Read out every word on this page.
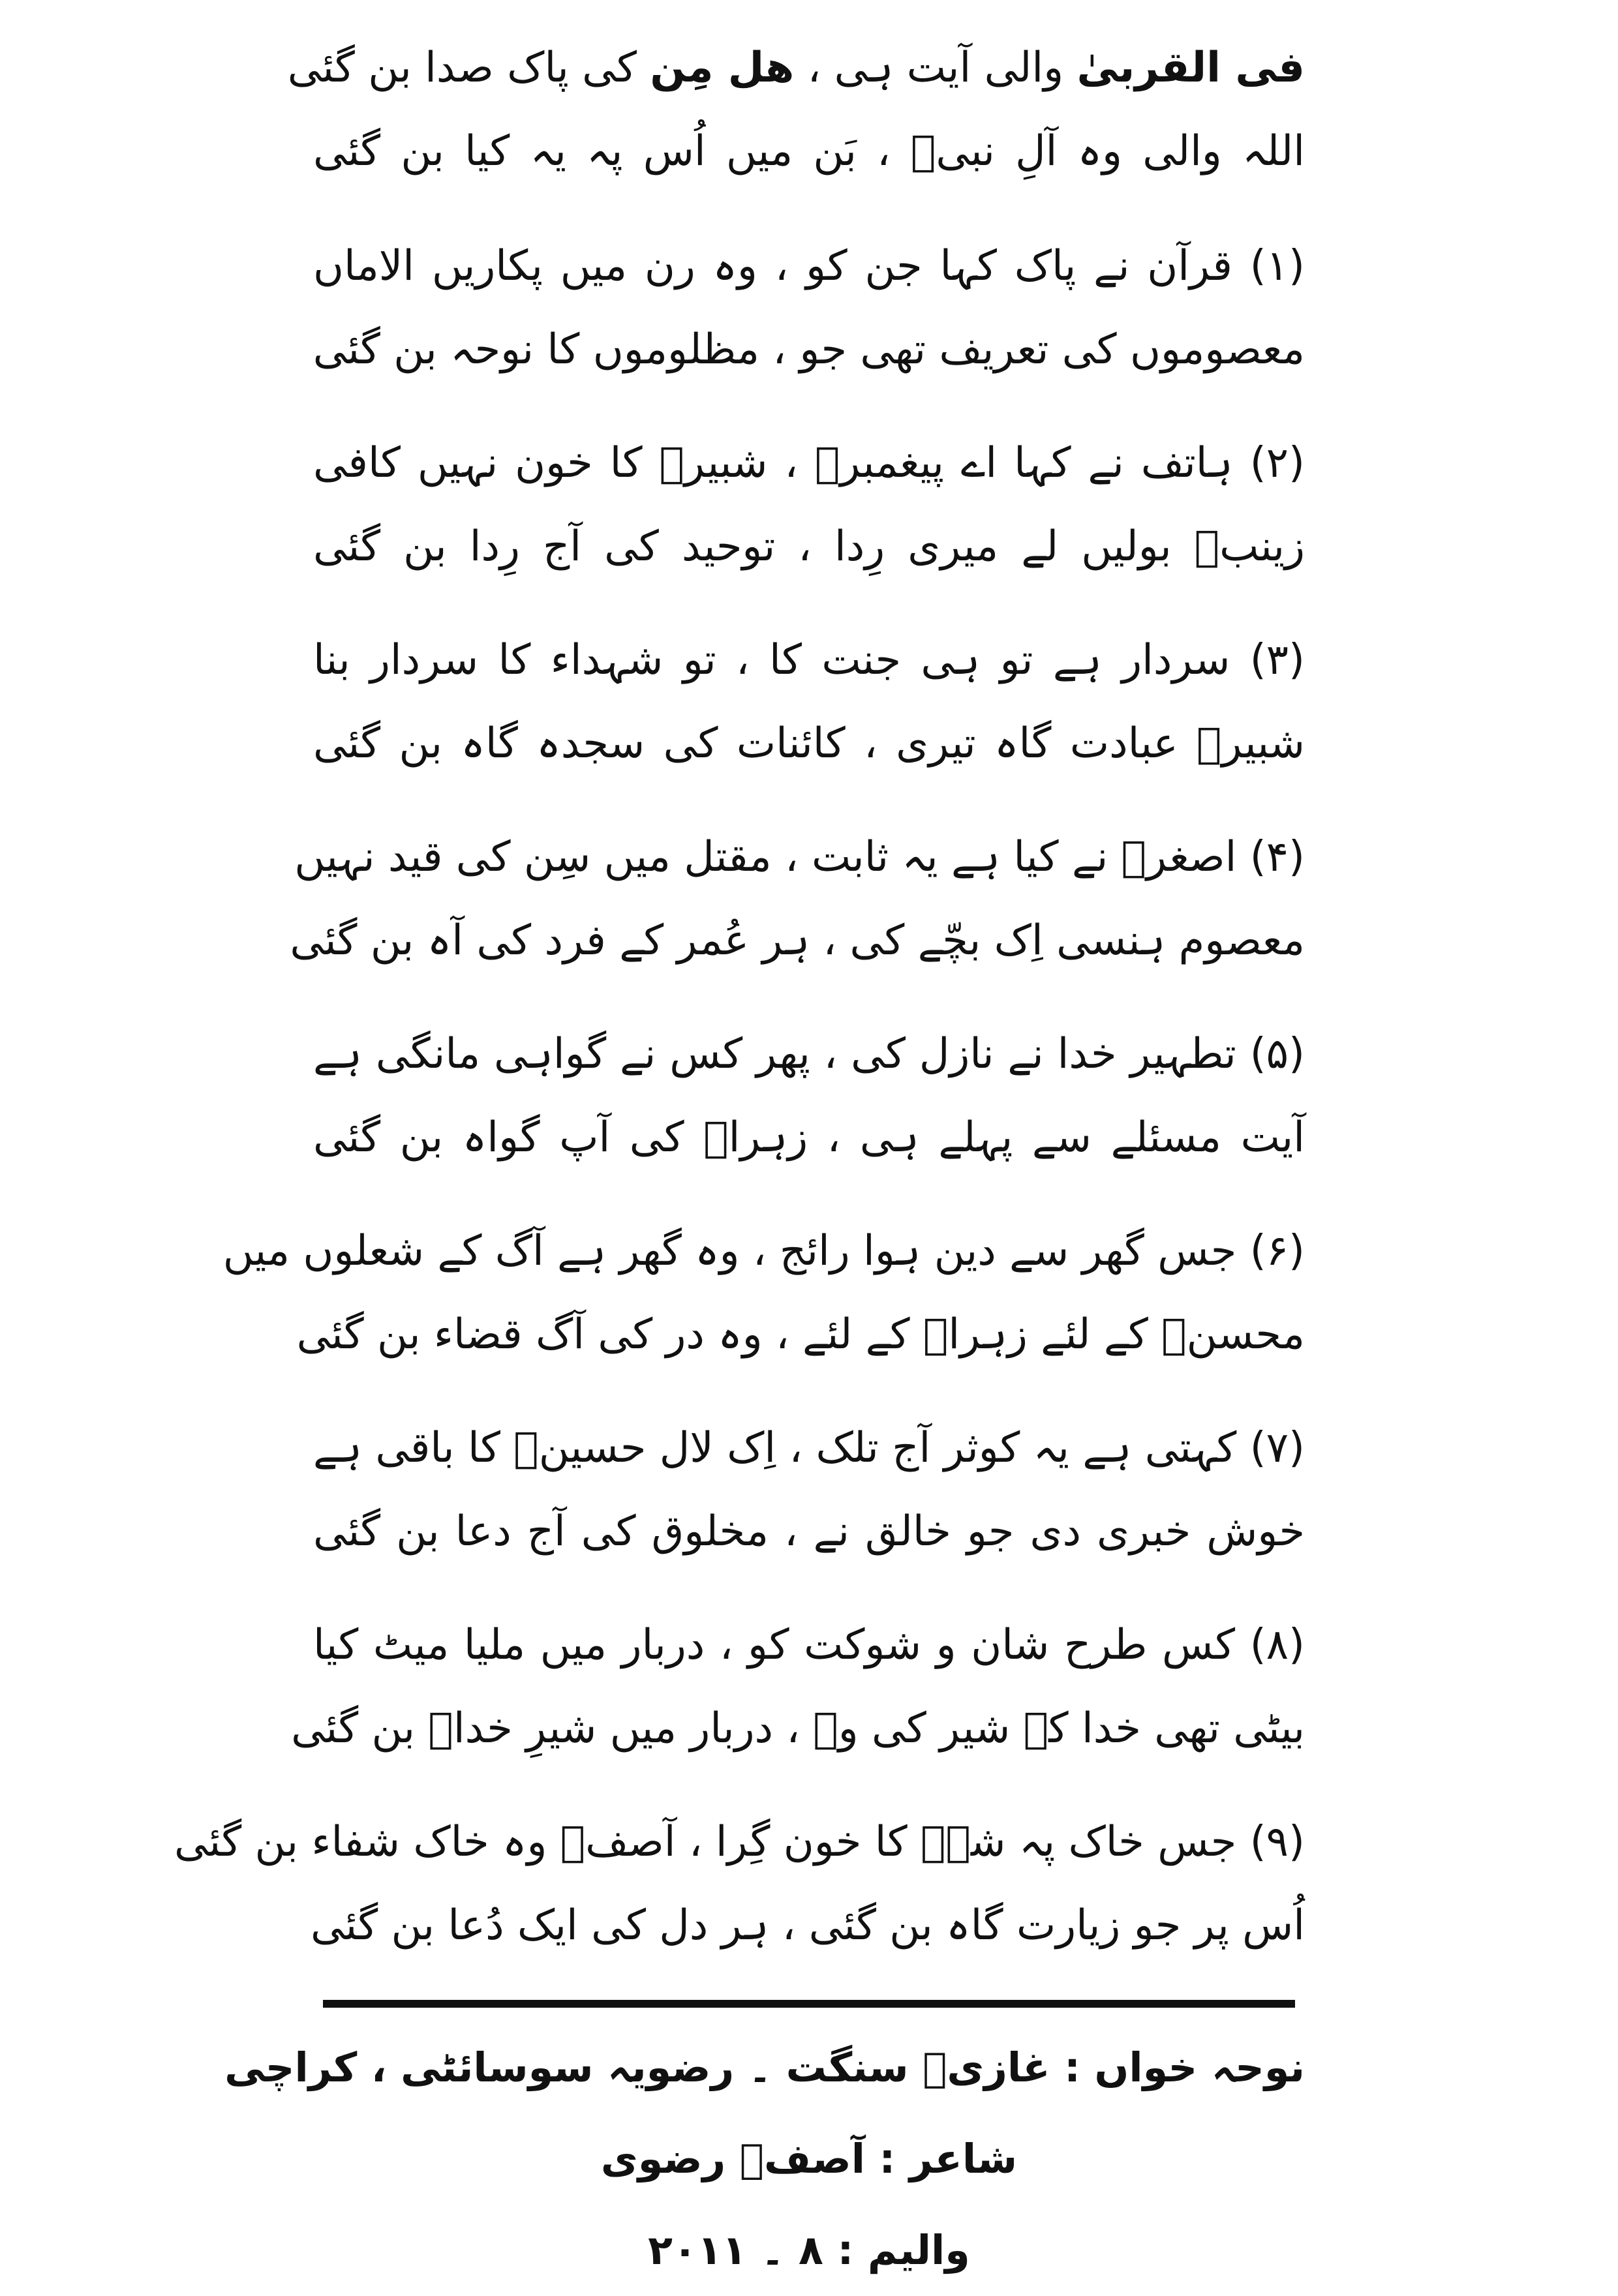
فی القربیٰ والی آیت ہی ، ھل مِن کی پاک صدا بن گئی
اللہ والی وہ آلِ نبیؐ ، بَن میں اُس پہ یہ کیا بن گئی
(۱) قرآن نے پاک کہا جن کو ، وہ رن میں پکاریں الاماں
معصوموں کی تعریف تھی جو ، مظلوموں کا نوحہ بن گئی
(۲) ہاتف نے کہا اے پیغمبرؐ ، شبیرؑ کا خون نہیں کافی
زینبؑ بولیں لے میری رِدا ، توحید کی آج رِدا بن گئی
(۳) سردار ہے تو ہی جنت کا ، تو شہداء کا سردار بنا
شبیرؑ عبادت گاہ تیری ، کائنات کی سجدہ گاہ بن گئی
(۴) اصغرؑ نے کیا ہے یہ ثابت ، مقتل میں سِن کی قید نہیں
معصوم ہنسی اِک بچّے کی ، ہر عُمر کے فرد کی آہ بن گئی
(۵) تطہیر خدا نے نازل کی ، پھر کس نے گواہی مانگی ہے
آیت مسئلے سے پہلے ہی ، زہراؑ کی آپ گواہ بن گئی
(۶) جس گھر سے دین ہوا رائج ، وہ گھر ہے آگ کے شعلوں میں
محسنؑ کے لئے زہراؑ کے لئے ، وہ در کی آگ قضاء بن گئی
(۷) کہتی ہے یہ کوثر آج تلک ، اِک لال حسینؑ کا باقی ہے
خوش خبری دی جو خالق نے ، مخلوق کی آج دعا بن گئی
(۸) کس طرح شان و شوکت کو ، دربار میں ملیا میٹ کیا
بیٹی تھی خدا کے شیر کی وہ ، دربار میں شیرِ خداؑ بن گئی
(۹) جس خاک پہ شہؑ کا خون گِرا ، آصفؔ وہ خاک شفاء بن گئی
اُس پر جو زیارت گاہ بن گئی ، ہر دل کی ایک دُعا بن گئی
نوحہ خواں : غازیؑ سنگت ۔ رضویہ سوسائٹی ، کراچی
شاعر : آصفؔ رضوی
والیم : ۸ ۔ ۲۰۱۱
